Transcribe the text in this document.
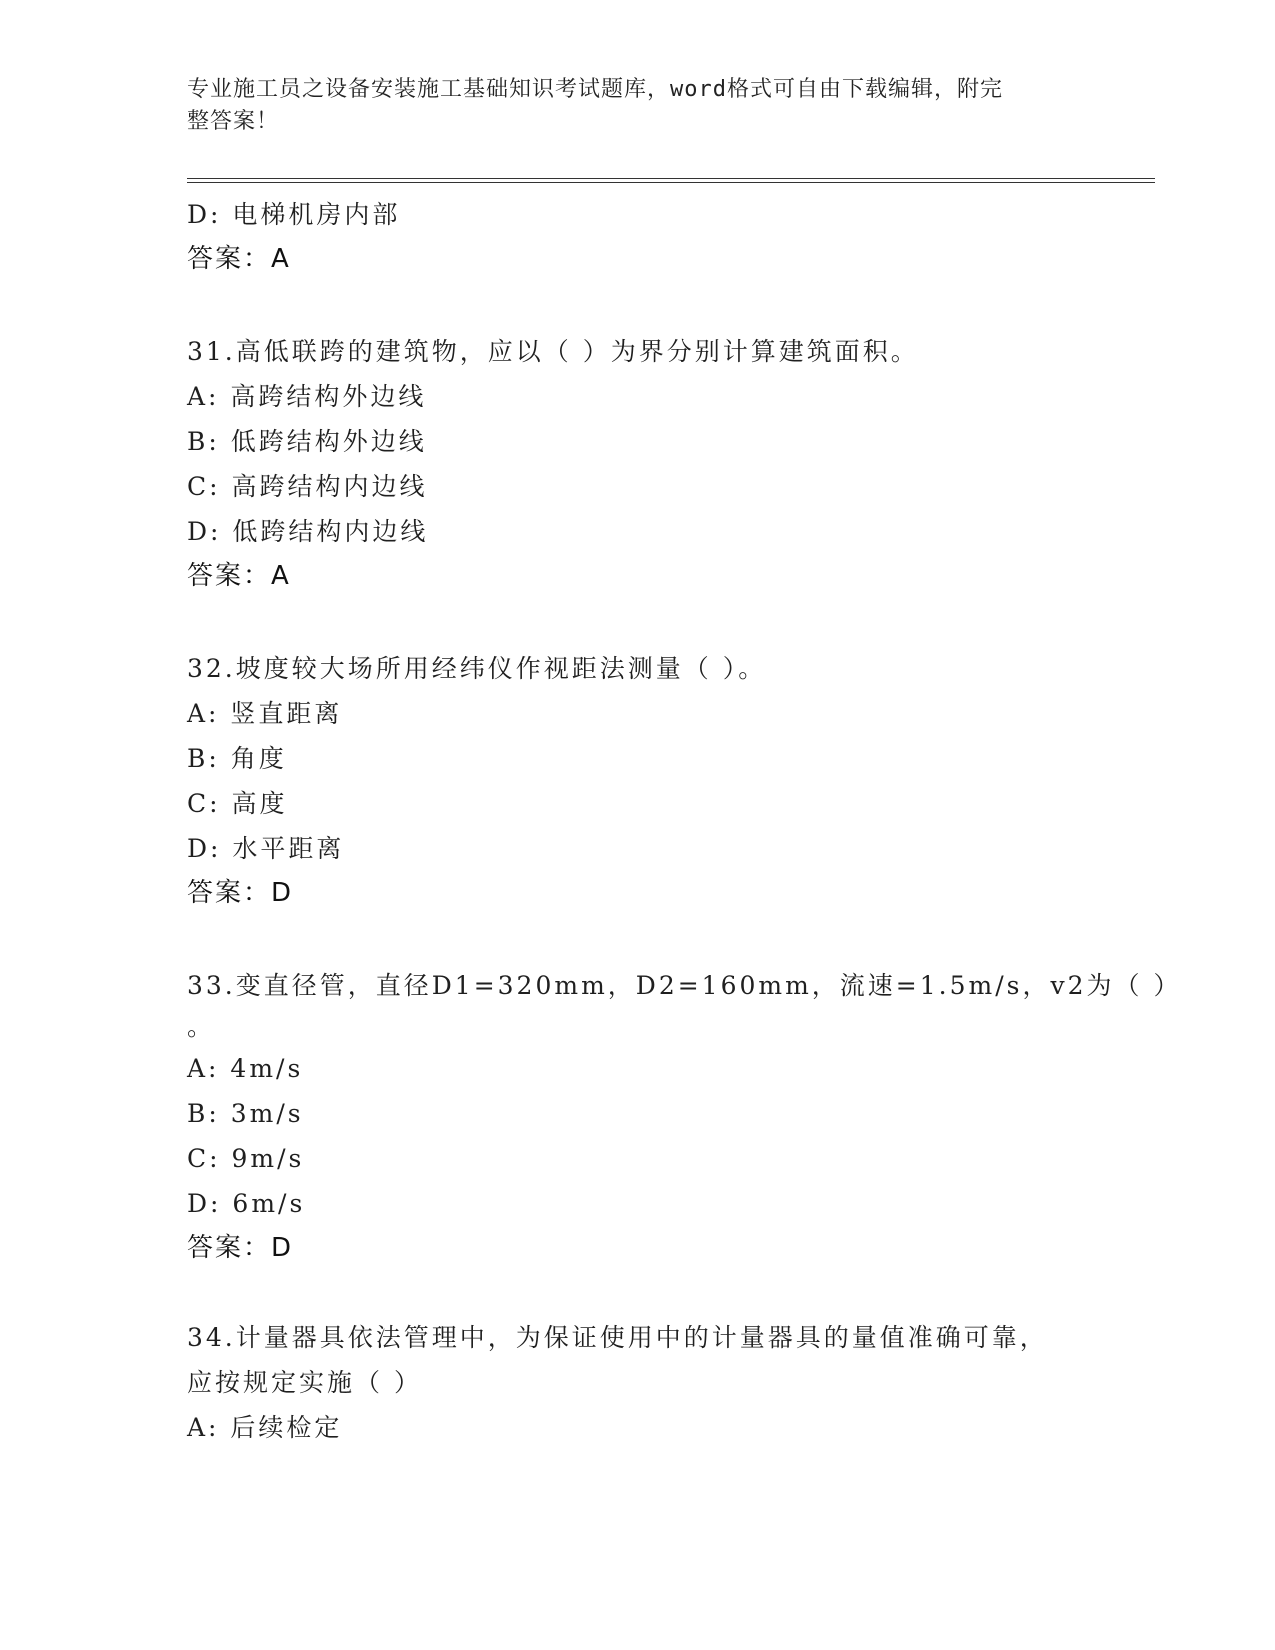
专业施工员之设备安装施工基础知识考试题库，word格式可自由下载编辑，附完
整答案！
D: 电梯机房内部
答案：A
31.高低联跨的建筑物，应以（ ）为界分别计算建筑面积。
A: 高跨结构外边线
B: 低跨结构外边线
C: 高跨结构内边线
D: 低跨结构内边线
答案：A
32.坡度较大场所用经纬仪作视距法测量（ ）。
A: 竖直距离
B: 角度
C: 高度
D: 水平距离
答案：D
33.变直径管，直径D1=320mm，D2=160mm，流速=1.5m/s，v2为（ ）
。
A: 4m/s
B: 3m/s
C: 9m/s
D: 6m/s
答案：D
34.计量器具依法管理中，为保证使用中的计量器具的量值准确可靠，
应按规定实施（ ）
A: 后续检定
